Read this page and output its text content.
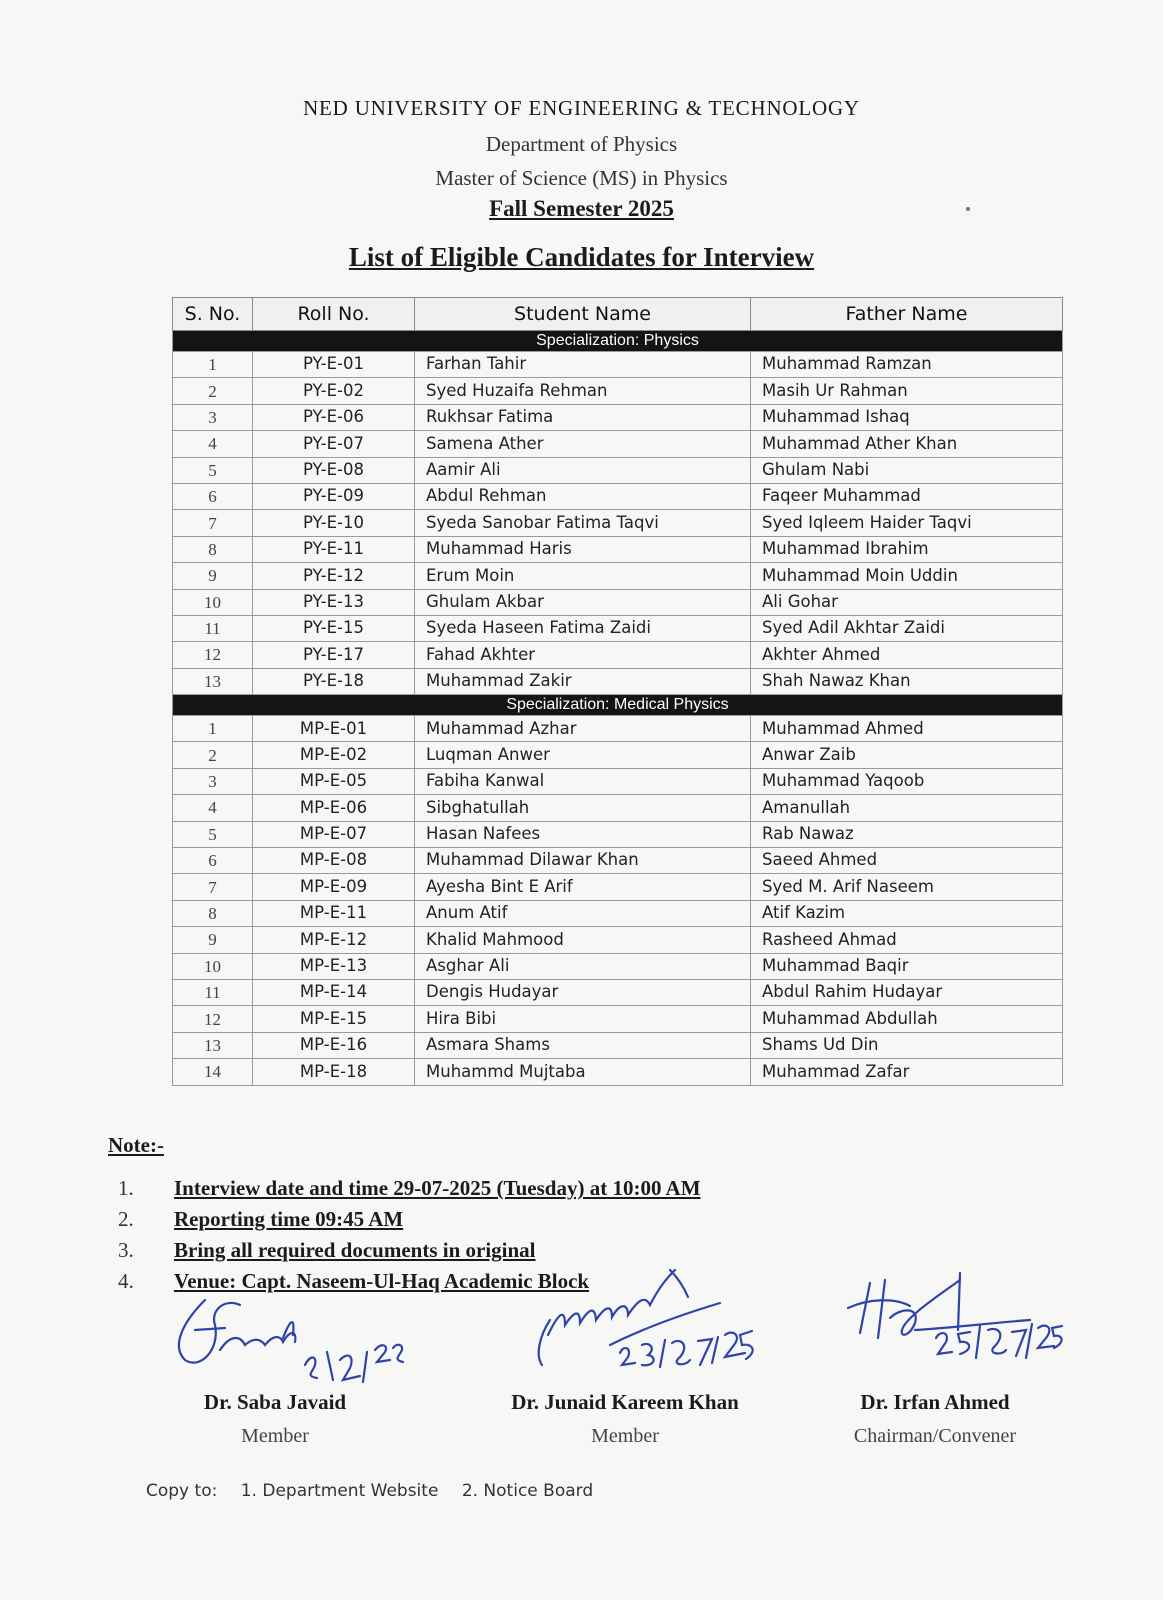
NED UNIVERSITY OF ENGINEERING & TECHNOLOGY
Department of Physics
Master of Science (MS) in Physics
Fall Semester 2025
List of Eligible Candidates for Interview
S. No.	Roll No.	Student Name	Father Name
Specialization: Physics			
1	PY-E-01	Farhan Tahir	Muhammad Ramzan
2	PY-E-02	Syed Huzaifa Rehman	Masih Ur Rahman
3	PY-E-06	Rukhsar Fatima	Muhammad Ishaq
4	PY-E-07	Samena Ather	Muhammad Ather Khan
5	PY-E-08	Aamir Ali	Ghulam Nabi
6	PY-E-09	Abdul Rehman	Faqeer Muhammad
7	PY-E-10	Syeda Sanobar Fatima Taqvi	Syed Iqleem Haider Taqvi
8	PY-E-11	Muhammad Haris	Muhammad Ibrahim
9	PY-E-12	Erum Moin	Muhammad Moin Uddin
10	PY-E-13	Ghulam Akbar	Ali Gohar
11	PY-E-15	Syeda Haseen Fatima Zaidi	Syed Adil Akhtar Zaidi
12	PY-E-17	Fahad Akhter	Akhter Ahmed
13	PY-E-18	Muhammad Zakir	Shah Nawaz Khan
Specialization: Medical Physics			
1	MP-E-01	Muhammad Azhar	Muhammad Ahmed
2	MP-E-02	Luqman Anwer	Anwar Zaib
3	MP-E-05	Fabiha Kanwal	Muhammad Yaqoob
4	MP-E-06	Sibghatullah	Amanullah
5	MP-E-07	Hasan Nafees	Rab Nawaz
6	MP-E-08	Muhammad Dilawar Khan	Saeed Ahmed
7	MP-E-09	Ayesha Bint E Arif	Syed M. Arif Naseem
8	MP-E-11	Anum Atif	Atif Kazim
9	MP-E-12	Khalid Mahmood	Rasheed Ahmad
10	MP-E-13	Asghar Ali	Muhammad Baqir
11	MP-E-14	Dengis Hudayar	Abdul Rahim Hudayar
12	MP-E-15	Hira Bibi	Muhammad Abdullah
13	MP-E-16	Asmara Shams	Shams Ud Din
14	MP-E-18	Muhammd Mujtaba	Muhammad Zafar
Note:-
1. Interview date and time 29-07-2025 (Tuesday) at 10:00 AM
2. Reporting time 09:45 AM
3. Bring all required documents in original
4. Venue: Capt. Naseem-Ul-Haq Academic Block
Dr. Saba Javaid
Member
Dr. Junaid Kareem Khan
Member
Dr. Irfan Ahmed
Chairman/Convener
Copy to: 1. Department Website 2. Notice Board
